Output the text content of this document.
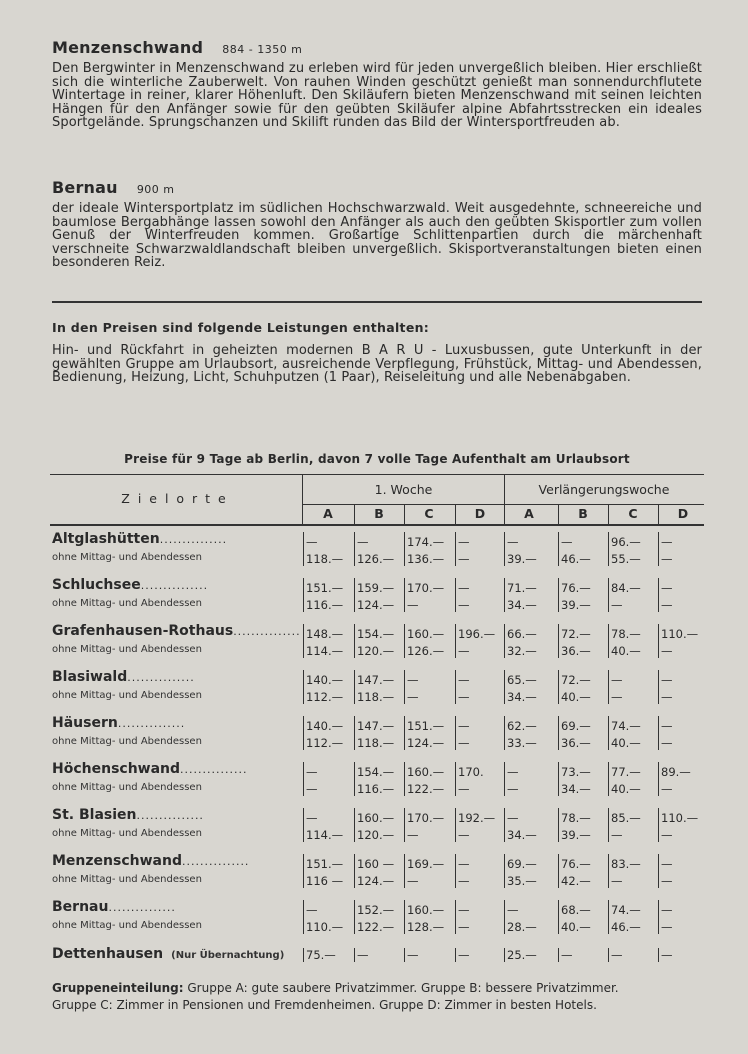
Menzenschwand 884 - 1350 m
Den Bergwinter in Menzenschwand zu erleben wird für jeden unvergeßlich bleiben. Hier erschließt sich die winterliche Zauberwelt. Von rauhen Winden geschützt genießt man sonnendurchflutete Wintertage in reiner, klarer Höhenluft. Den Skiläufern bieten Menzenschwand mit seinen leichten Hängen für den Anfänger sowie für den geübten Skiläufer alpine Abfahrtsstrecken ein ideales Sportgelände. Sprungschanzen und Skilift runden das Bild der Wintersportfreuden ab.
Bernau 900 m
der ideale Wintersportplatz im südlichen Hochschwarzwald. Weit ausgedehnte, schneereiche und baumlose Bergabhänge lassen sowohl den Anfänger als auch den geübten Skisportler zum vollen Genuß der Winterfreuden kommen. Großartige Schlittenpartien durch die märchenhaft verschneite Schwarzwaldlandschaft bleiben unvergeßlich. Skisportveranstaltungen bieten einen besonderen Reiz.
In den Preisen sind folgende Leistungen enthalten:
Hin- und Rückfahrt in geheizten modernen B A R U - Luxusbussen, gute Unterkunft in der gewählten Gruppe am Urlaubsort, ausreichende Verpflegung, Frühstück, Mittag- und Abendessen, Bedienung, Heizung, Licht, Schuhputzen (1 Paar), Reiseleitung und alle Nebenabgaben.
Preise für 9 Tage ab Berlin, davon 7 volle Tage Aufenthalt am Urlaubsort
Z i e l o r t e
1. Woche	Verlängerungswoche
A	B	C	D	A	B	C	D
Altglashütten...............
ohne Mittag- und Abendessen
—	—	174.—	—	—	—	96.—	—
118.—	126.—	136.—	—	39.—	46.—	55.—	—
Schluchsee...............
ohne Mittag- und Abendessen
151.—	159.—	170.—	—	71.—	76.—	84.—	—
116.—	124.—	—	—	34.—	39.—	—	—
Grafenhausen-Rothaus...............
ohne Mittag- und Abendessen
148.—	154.—	160.—	196.—	66.—	72.—	78.—	110.—
114.—	120.—	126.—	—	32.—	36.—	40.—	—
Blasiwald...............
ohne Mittag- und Abendessen
140.—	147.—	—	—	65.—	72.—	—	—
112.—	118.—	—	—	34.—	40.—	—	—
Häusern...............
ohne Mittag- und Abendessen
140.—	147.—	151.—	—	62.—	69.—	74.—	—
112.—	118.—	124.—	—	33.—	36.—	40.—	—
Höchenschwand...............
ohne Mittag- und Abendessen
—	154.—	160.—	170.	—	73.—	77.—	89.—
—	116.—	122.—	—	—	34.—	40.—	—
St. Blasien...............
ohne Mittag- und Abendessen
—	160.—	170.—	192.—	—	78.—	85.—	110.—
114.—	120.—	—	—	34.—	39.—	—	—
Menzenschwand...............
ohne Mittag- und Abendessen
151.—	160 —	169.—	—	69.—	76.—	83.—	—
116 —	124.—	—	—	35.—	42.—	—	—
Bernau...............
ohne Mittag- und Abendessen
—	152.—	160.—	—	—	68.—	74.—	—
110.—	122.—	128.—	—	28.—	40.—	46.—	—
Dettenhausen (Nur Übernachtung) 75.—	—	—	—	25.—	—	—	—
Gruppeneinteilung: Gruppe A: gute saubere Privatzimmer. Gruppe B: bessere Privatzimmer.
Gruppe C: Zimmer in Pensionen und Fremdenheimen. Gruppe D: Zimmer in besten Hotels.
